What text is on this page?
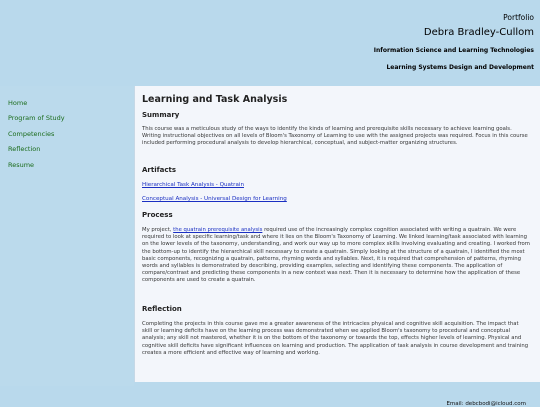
Portfolio
Debra Bradley-Cullom
Information Science and Learning Technologies
Learning Systems Design and Development
Home
Program of Study
Competencies
Reflection
Resume
Learning and Task Analysis
Summary
This course was a meticulous study of the ways to identify the kinds of learning and prerequisite skills necessary to achieve learning goals. Writing instructional objectives on all levels of Bloom's Taxonomy of Learning to use with the assigned projects was required. Focus in this course included performing procedural analysis to develop hierarchical, conceptual, and subject-matter organizing structures.
Artifacts
Hierarchical Task Analysis - Quatrain
Conceptual Analysis - Universal Design for Learning
Process
My project, the quatrain prerequisite analysis required use of the increasingly complex cognition associated with writing a quatrain. We were required to look at specific learning/task and where it lies on the Bloom's Taxonomy of Learning. We linked learning/task associated with learning on the lower levels of the taxonomy, understanding, and work our way up to more complex skills involving evaluating and creating. I worked from the bottom-up to identify the hierarchical skill necessary to create a quatrain. Simply looking at the structure of a quatrain, I identified the most basic components, recognizing a quatrain, patterns, rhyming words and syllables. Next, it is required that comprehension of patterns, rhyming words and syllables is demonstrated by describing, providing examples, selecting and identifying these components. The application of compare/contrast and predicting these components in a new context was next. Then it is necessary to determine how the application of these components are used to create a quatrain.
Reflection
Completing the projects in this course gave me a greater awareness of the intricacies physical and cognitive skill acquisition. The impact that skill or learning deficits have on the learning process was demonstrated when we applied Bloom's taxonomy to procedural and conceptual analysis; any skill not mastered, whether it is on the bottom of the taxonomy or towards the top, effects higher levels of learning. Physical and cognitive skill deficits have significant influences on learning and production. The application of task analysis in course development and training creates a more efficient and effective way of learning and working.
Email: debcbodi@icloud.com
